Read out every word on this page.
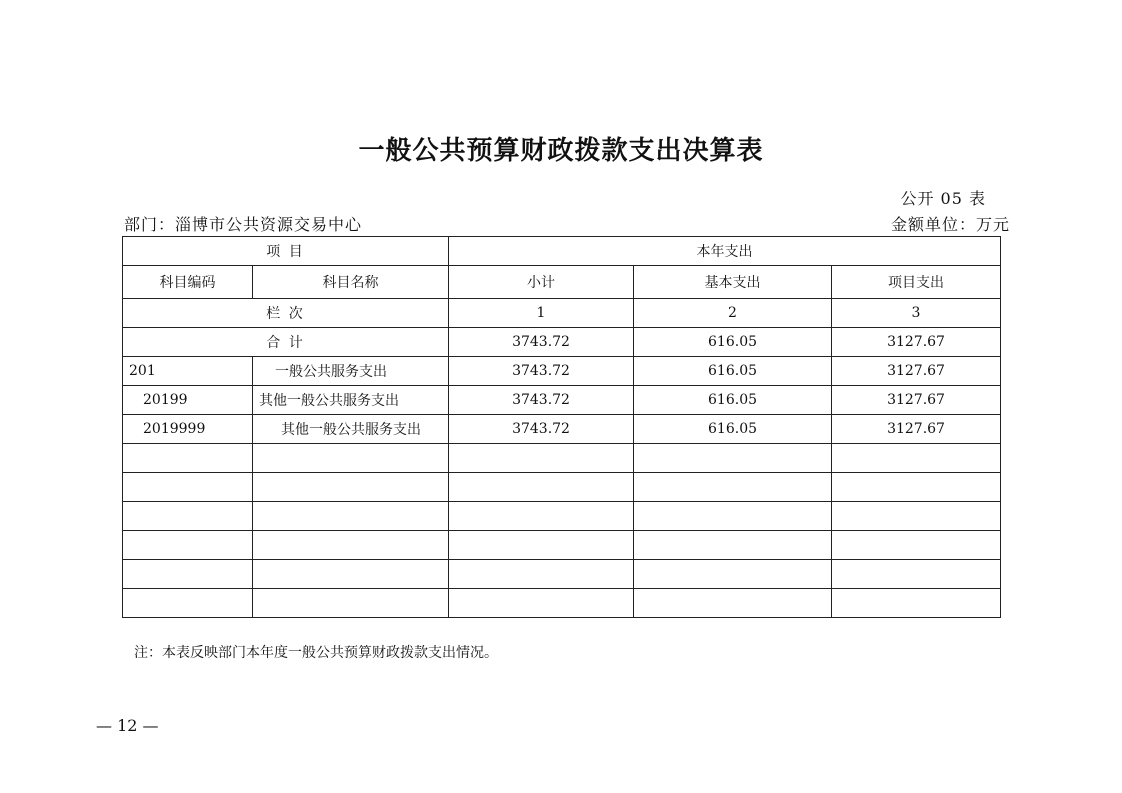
一般公共预算财政拨款支出决算表
公开 05 表
部门：淄博市公共资源交易中心	金额单位：万元
项 目		本年支出		
科目编码	科目名称	小计	基本支出	项目支出
栏 次		1	2	3
合 计		3743.72	616.05	3127.67
201	一般公共服务支出	3743.72	616.05	3127.67
20199	其他一般公共服务支出	3743.72	616.05	3127.67
2019999	其他一般公共服务支出	3743.72	616.05	3127.67

注：本表反映部门本年度一般公共预算财政拨款支出情况。
— 12 —
